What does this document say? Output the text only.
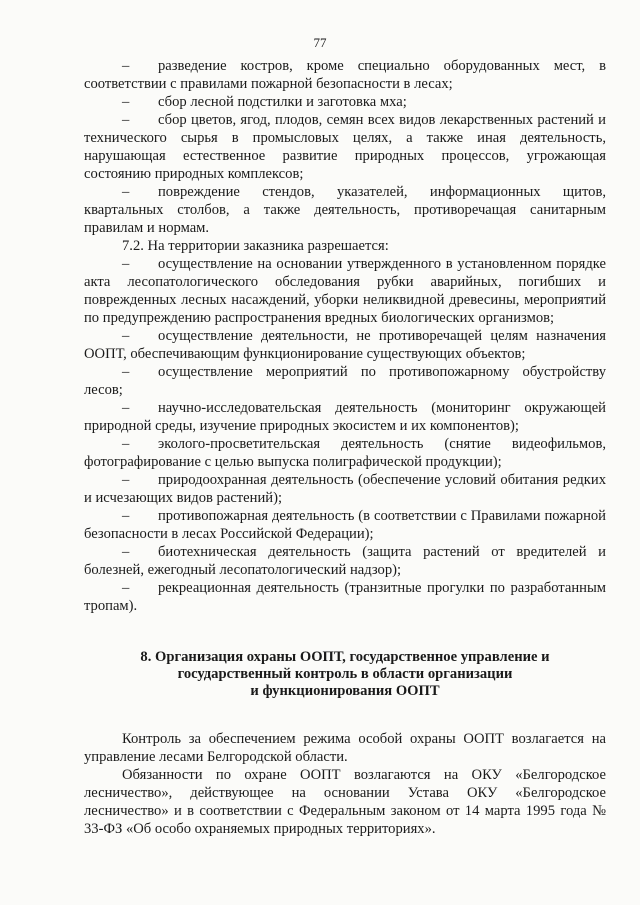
77

– разведение костров, кроме специально оборудованных мест, в соответствии с правилами пожарной безопасности в лесах;

– сбор лесной подстилки и заготовка мха;

– сбор цветов, ягод, плодов, семян всех видов лекарственных растений и технического сырья в промысловых целях, а также иная деятельность, нарушающая естественное развитие природных процессов, угрожающая состоянию природных комплексов;

– повреждение стендов, указателей, информационных щитов, квартальных столбов, а также деятельность, противоречащая санитарным правилам и нормам.

7.2. На территории заказника разрешается:

– осуществление на основании утвержденного в установленном порядке акта лесопатологического обследования рубки аварийных, погибших и поврежденных лесных насаждений, уборки неликвидной древесины, мероприятий по предупреждению распространения вредных биологических организмов;

– осуществление деятельности, не противоречащей целям назначения ООПТ, обеспечивающим функционирование существующих объектов;

– осуществление мероприятий по противопожарному обустройству лесов;

– научно-исследовательская деятельность (мониторинг окружающей природной среды, изучение природных экосистем и их компонентов);

– эколого-просветительская деятельность (снятие видеофильмов, фотографирование с целью выпуска полиграфической продукции);

– природоохранная деятельность (обеспечение условий обитания редких и исчезающих видов растений);

– противопожарная деятельность (в соответствии с Правилами пожарной безопасности в лесах Российской Федерации);

– биотехническая деятельность (защита растений от вредителей и болезней, ежегодный лесопатологический надзор);

– рекреационная деятельность (транзитные прогулки по разработанным тропам).

8. Организация охраны ООПТ, государственное управление и
государственный контроль в области организации
и функционирования ООПТ

Контроль за обеспечением режима особой охраны ООПТ возлагается на управление лесами Белгородской области.

Обязанности по охране ООПТ возлагаются на ОКУ «Белгородское лесничество», действующее на основании Устава ОКУ «Белгородское лесничество» и в соответствии с Федеральным законом от 14 марта 1995 года № 33-ФЗ «Об особо охраняемых природных территориях».
